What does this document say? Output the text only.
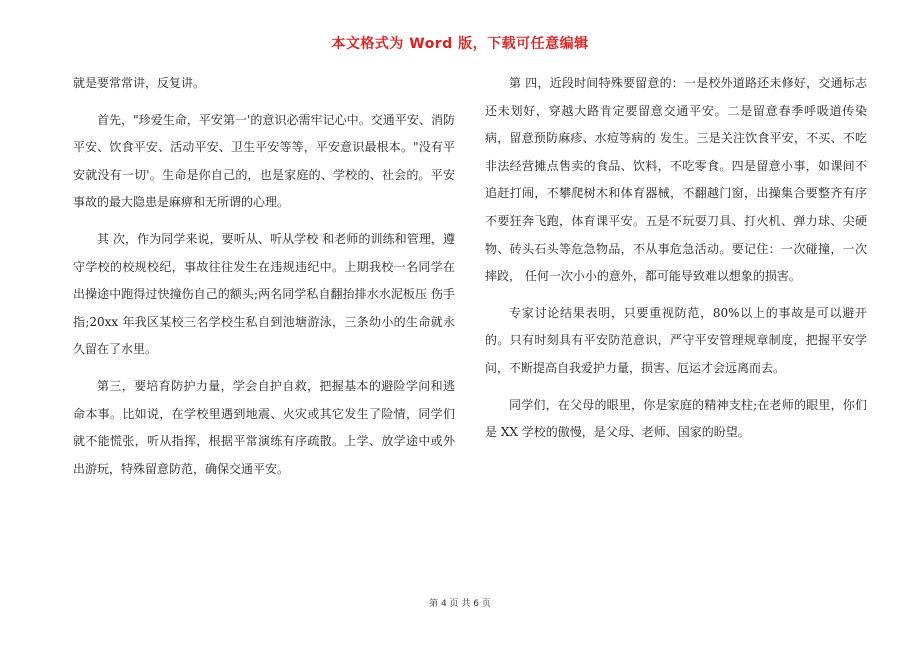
本文格式为 Word 版，下载可任意编辑

就是要常常讲，反复讲。

首先，"珍爱生命，平安第一'的意识必需牢记心中。交通平安、消防平安、饮食平安、活动平安、卫生平安等等，平安意识最根本。"没有平安就没有一切'。生命是你自己的，也是家庭的、学校的、社会的。平安事故的最大隐患是麻痹和无所谓的心理。

其 次，作为同学来说，要听从、听从学校 和老师的训练和管理，遵守学校的校规校纪，事故往往发生在违规违纪中。上期我校一名同学在出操途中跑得过快撞伤自己的额头;两名同学私自翻抬排水水泥板压 伤手指;20xx 年我区某校三名学校生私自到池塘游泳，三条幼小的生命就永久留在了水里。

第三，要培育防护力量，学会自护自救，把握基本的避险学问和逃命本事。比如说，在学校里遇到地震、火灾或其它发生了险情，同学们就不能慌张，听从指挥，根据平常演练有序疏散。上学、放学途中或外出游玩，特殊留意防范，确保交通平安。

第 四，近段时间特殊要留意的：一是校外道路还未修好，交通标志还未划好，穿越大路肯定要留意交通平安。二是留意春季呼吸道传染病，留意预防麻疹、水痘等病的 发生。三是关注饮食平安，不买、不吃非法经营摊点售卖的食品、饮料，不吃零食。四是留意小事，如课间不追赶打闹，不攀爬树木和体育器械，不翻越门窗，出操集合要整齐有序不要狂奔飞跑，体育课平安。五是不玩耍刀具、打火机、弹力球、尖硬物、砖头石头等危急物品，不从事危急活动。要记住：一次碰撞，一次摔跤， 任何一次小小的意外，都可能导致难以想象的损害。

专家讨论结果表明，只要重视防范，80%以上的事故是可以避开的。只有时刻具有平安防范意识，严守平安管理规章制度，把握平安学问，不断提高自我爱护力量，损害、厄运才会远离而去。

同学们，在父母的眼里，你是家庭的精神支柱;在老师的眼里，你们是 XX 学校的傲慢，是父母、老师、国家的盼望。

第 4 页 共 6 页
